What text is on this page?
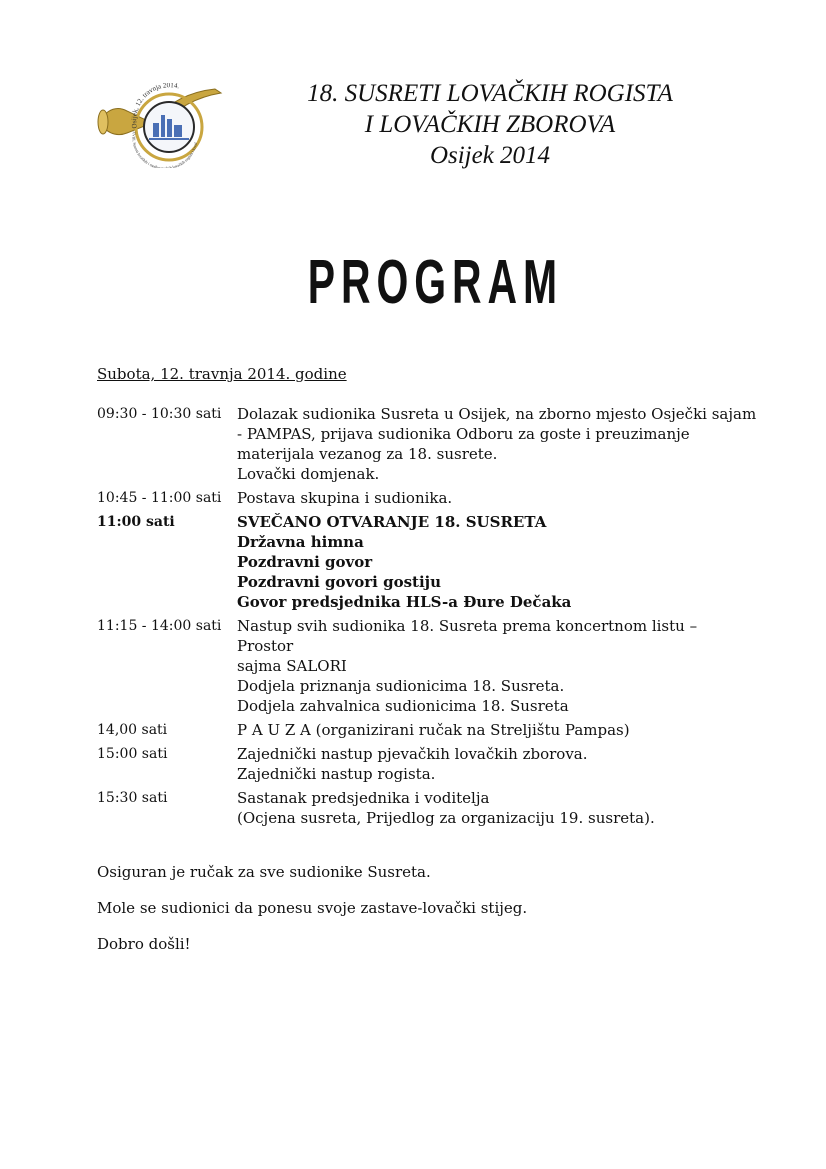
Osijek, 12. travnja 2014.
XVIII. Susreti lovačkih i međunar nih lovačkih rogista i lovač
18. SUSRETI LOVAČKIH ROGISTA
I LOVAČKIH ZBOROVA
Osijek 2014
PROGRAM
Subota, 12. travnja 2014. godine
09:30 - 10:30 sati	Dolazak sudionika Susreta u Osijek, na zborno mjesto Osječki sajam
- PAMPAS, prijava sudionika Odboru za goste i preuzimanje
materijala vezanog za 18. susrete.
Lovački domjenak.
10:45 - 11:00 sati	Postava skupina i sudionika.
11:00 sati	SVEČANO OTVARANJE 18. SUSRETA
Državna himna
Pozdravni govor
Pozdravni govori gostiju
Govor predsjednika HLS-a Đure Dečaka
11:15 - 14:00 sati	Nastup svih sudionika 18. Susreta prema koncertnom listu – Prostor
sajma SALORI
Dodjela priznanja sudionicima 18. Susreta.
Dodjela zahvalnica sudionicima 18. Susreta
14,00 sati	P A U Z A (organizirani ručak na Streljištu Pampas)
15:00 sati	Zajednički nastup pjevačkih lovačkih zborova.
Zajednički nastup rogista.
15:30 sati	Sastanak predsjednika i voditelja
(Ocjena susreta, Prijedlog za organizaciju 19. susreta).

Osiguran je ručak za sve sudionike Susreta.

Mole se sudionici da ponesu svoje zastave-lovački stijeg.

Dobro došli!
